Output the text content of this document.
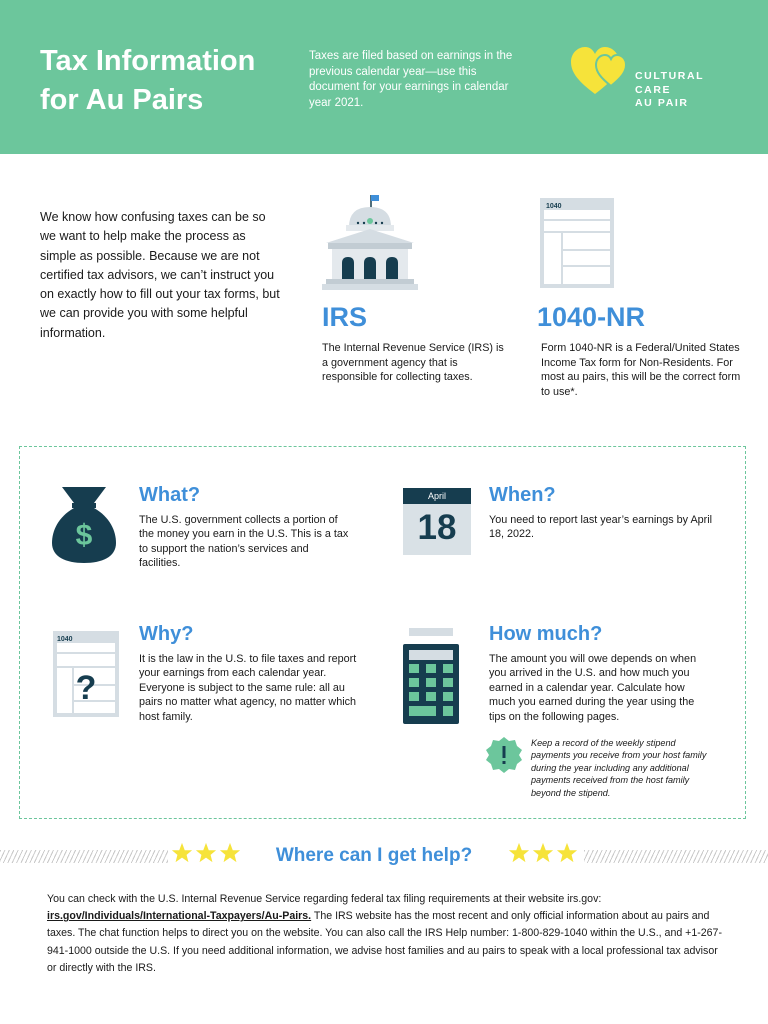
Tax Information
for Au Pairs
Taxes are filed based on earnings in the previous calendar year—use this document for your earnings in calendar year 2021.
CULTURAL
CARE
AU PAIR
We know how confusing taxes can be so we want to help make the process as simple as possible. Because we are not certified tax advisors, we can’t instruct you on exactly how to fill out your tax forms, but we can provide you with some helpful information.
IRS
The Internal Revenue Service (IRS) is a government agency that is responsible for collecting taxes.
1040
1040-NR
Form 1040-NR is a Federal/United States Income Tax form for Non-Residents. For most au pairs, this will be the correct form to use*.
$
What?
The U.S. government collects a portion of the money you earn in the U.S. This is a tax to support the nation’s services and facilities.
April
18
When?
You need to report last year’s earnings by April 18, 2022.
1040
?
Why?
It is the law in the U.S. to file taxes and report your earnings from each calendar year. Everyone is subject to the same rule: all au pairs no matter what agency, no matter which host family.
How much?
The amount you will owe depends on when you arrived in the U.S. and how much you earned in a calendar year. Calculate how much you earned during the year using the tips on the following pages.
Keep a record of the weekly stipend payments you receive from your host family during the year including any additional payments received from the host family beyond the stipend.
Where can I get help?
You can check with the U.S. Internal Revenue Service regarding federal tax filing requirements at their website irs.gov: irs.gov/Individuals/International-Taxpayers/Au-Pairs. The IRS website has the most recent and only official information about au pairs and taxes. The chat function helps to direct you on the website. You can also call the IRS Help number: 1-800-829-1040 within the U.S., and +1-267-941-1000 outside the U.S. If you need additional information, we advise host families and au pairs to speak with a local professional tax advisor or directly with the IRS.
